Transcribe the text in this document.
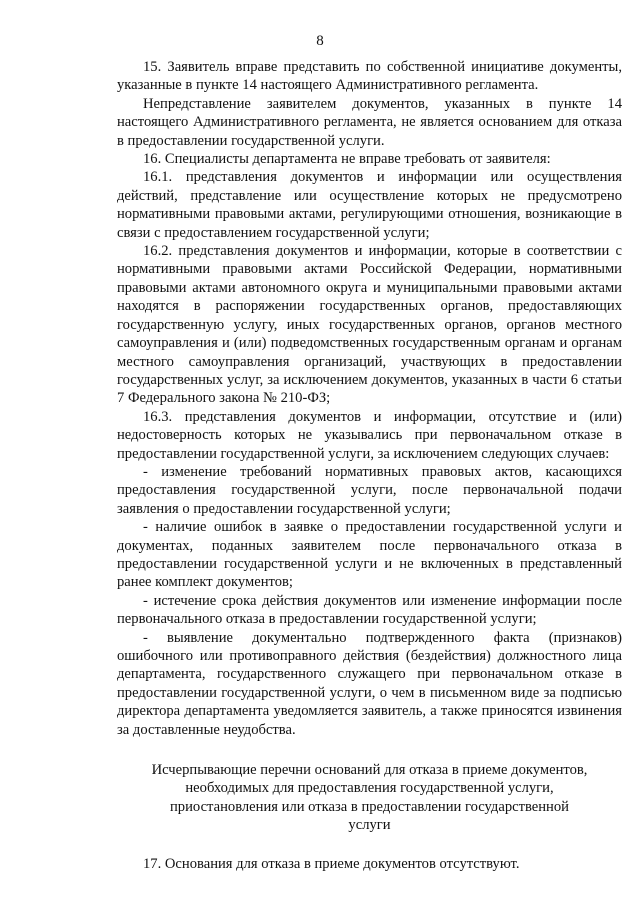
8

15. Заявитель вправе представить по собственной инициативе документы, указанные в пункте 14 настоящего Административного регламента.

Непредставление заявителем документов, указанных в пункте 14 настоящего Административного регламента, не является основанием для отказа в предоставлении государственной услуги.

16. Специалисты департамента не вправе требовать от заявителя:

16.1. представления документов и информации или осуществления действий, представление или осуществление которых не предусмотрено нормативными правовыми актами, регулирующими отношения, возникающие в связи с предоставлением государственной услуги;

16.2. представления документов и информации, которые в соответствии с нормативными правовыми актами Российской Федерации, нормативными правовыми актами автономного округа и муниципальными правовыми актами находятся в распоряжении государственных органов, предоставляющих государственную услугу, иных государственных органов, органов местного самоуправления и (или) подведомственных государственным органам и органам местного самоуправления организаций, участвующих в предоставлении государственных услуг, за исключением документов, указанных в части 6 статьи 7 Федерального закона № 210-ФЗ;

16.3. представления документов и информации, отсутствие и (или) недостоверность которых не указывались при первоначальном отказе в предоставлении государственной услуги, за исключением следующих случаев:

- изменение требований нормативных правовых актов, касающихся предоставления государственной услуги, после первоначальной подачи заявления о предоставлении государственной услуги;

- наличие ошибок в заявке о предоставлении государственной услуги и документах, поданных заявителем после первоначального отказа в предоставлении государственной услуги и не включенных в представленный ранее комплект документов;

- истечение срока действия документов или изменение информации после первоначального отказа в предоставлении государственной услуги;

- выявление документально подтвержденного факта (признаков) ошибочного или противоправного действия (бездействия) должностного лица департамента, государственного служащего при первоначальном отказе в предоставлении государственной услуги, о чем в письменном виде за подписью директора департамента уведомляется заявитель, а также приносятся извинения за доставленные неудобства.

Исчерпывающие перечни оснований для отказа в приеме документов,
необходимых для предоставления государственной услуги,
приостановления или отказа в предоставлении государственной
услуги

17. Основания для отказа в приеме документов отсутствуют.
